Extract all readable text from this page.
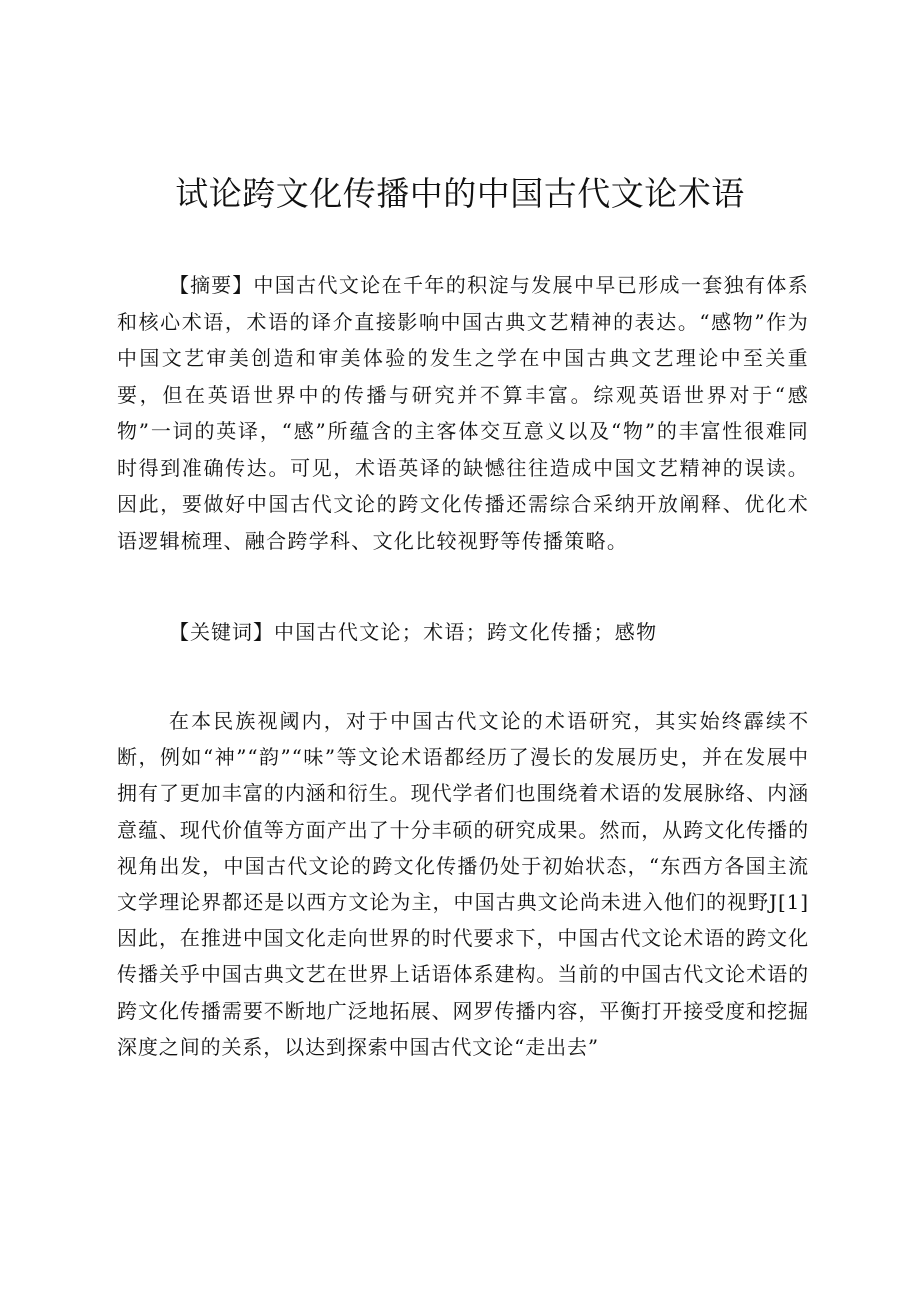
试论跨文化传播中的中国古代文论术语

【摘要】中国古代文论在千年的积淀与发展中早已形成一套独有体系和核心术语，术语的译介直接影响中国古典文艺精神的表达。“感物”作为中国文艺审美创造和审美体验的发生之学在中国古典文艺理论中至关重要，但在英语世界中的传播与研究并不算丰富。综观英语世界对于“感物”一词的英译，“感”所蕴含的主客体交互意义以及“物”的丰富性很难同时得到准确传达。可见，术语英译的缺憾往往造成中国文艺精神的误读。因此，要做好中国古代文论的跨文化传播还需综合采纳开放阐释、优化术语逻辑梳理、融合跨学科、文化比较视野等传播策略。

【关键词】中国古代文论；术语；跨文化传播；感物

在本民族视阈内，对于中国古代文论的术语研究，其实始终霹续不断，例如“神”“韵”“味”等文论术语都经历了漫长的发展历史，并在发展中拥有了更加丰富的内涵和衍生。现代学者们也围绕着术语的发展脉络、内涵意蕴、现代价值等方面产出了十分丰硕的研究成果。然而，从跨文化传播的视角出发，中国古代文论的跨文化传播仍处于初始状态，“东西方各国主流文学理论界都还是以西方文论为主，中国古典文论尚未进入他们的视野J[1]因此，在推进中国文化走向世界的时代要求下，中国古代文论术语的跨文化传播关乎中国古典文艺在世界上话语体系建构。当前的中国古代文论术语的跨文化传播需要不断地广泛地拓展、网罗传播内容，平衡打开接受度和挖掘深度之间的关系，以达到探索中国古代文论“走出去”
